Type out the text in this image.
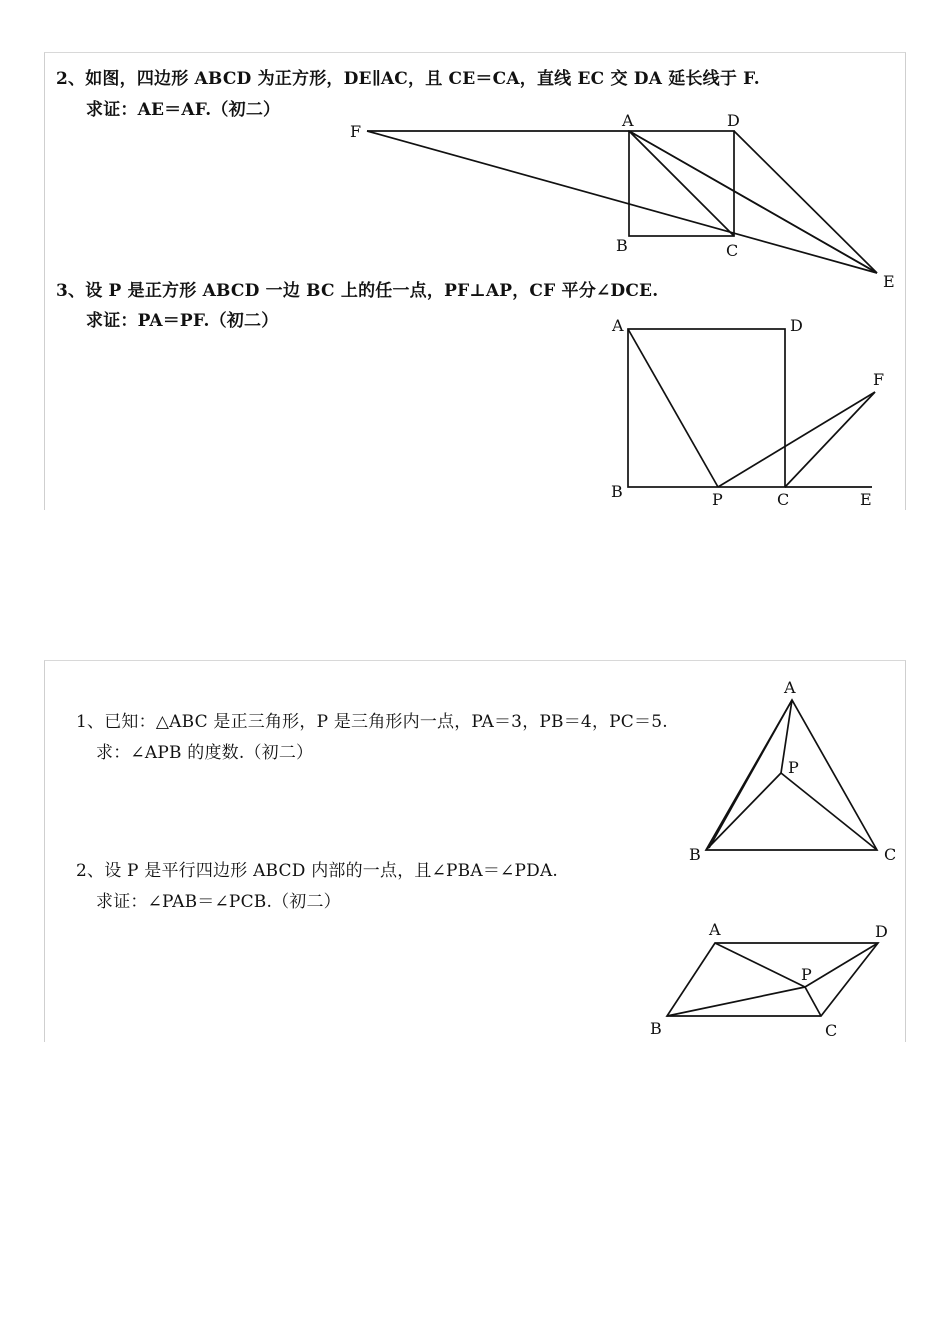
2、如图，四边形 ABCD 为正方形，DE∥AC，且 CE＝CA，直线 EC 交 DA 延长线于 F.
求证：AE＝AF.（初二）
3、设 P 是正方形 ABCD 一边 BC 上的任一点，PF⊥AP，CF 平分∠DCE.
求证：PA＝PF.（初二）
1、已知：△ABC 是正三角形，P 是三角形内一点，PA＝3，PB＝4，PC＝5.
求：∠APB 的度数.（初二）
2、设 P 是平行四边形 ABCD 内部的一点，且∠PBA＝∠PDA.
求证：∠PAB＝∠PCB.（初二）
F
A	D
B	C
E
A	D
F
B	P	C	E
A
P
B	C
A	D
P
B	C
